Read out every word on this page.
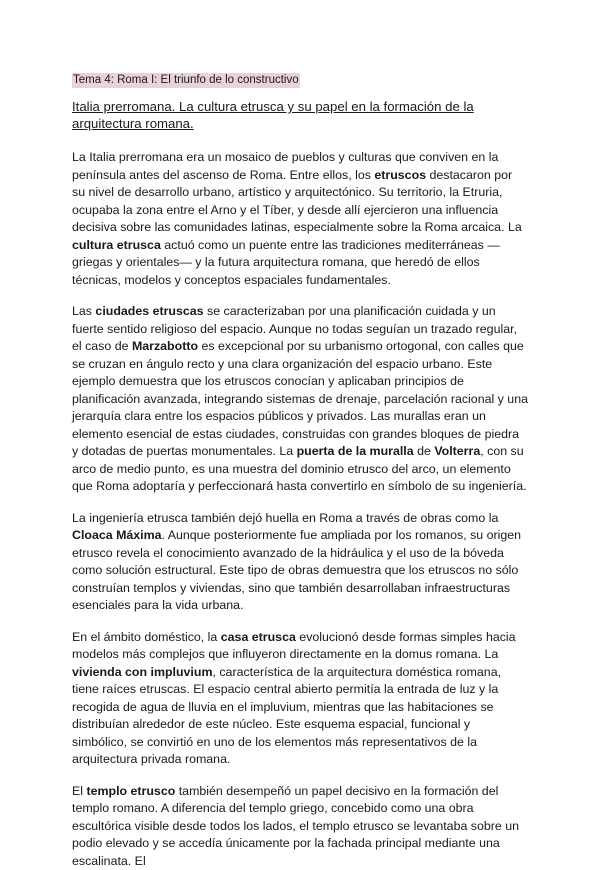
Tema 4: Roma I: El triunfo de lo constructivo
Italia prerromana. La cultura etrusca y su papel en la formación de la arquitectura romana.

La Italia prerromana era un mosaico de pueblos y culturas que conviven en la península antes del ascenso de Roma. Entre ellos, los etruscos destacaron por su nivel de desarrollo urbano, artístico y arquitectónico. Su territorio, la Etruria, ocupaba la zona entre el Arno y el Tíber, y desde allí ejercieron una influencia decisiva sobre las comunidades latinas, especialmente sobre la Roma arcaica. La cultura etrusca actuó como un puente entre las tradiciones mediterráneas —griegas y orientales— y la futura arquitectura romana, que heredó de ellos técnicas, modelos y conceptos espaciales fundamentales.

Las ciudades etruscas se caracterizaban por una planificación cuidada y un fuerte sentido religioso del espacio. Aunque no todas seguían un trazado regular, el caso de Marzabotto es excepcional por su urbanismo ortogonal, con calles que se cruzan en ángulo recto y una clara organización del espacio urbano. Este ejemplo demuestra que los etruscos conocían y aplicaban principios de planificación avanzada, integrando sistemas de drenaje, parcelación racional y una jerarquía clara entre los espacios públicos y privados. Las murallas eran un elemento esencial de estas ciudades, construidas con grandes bloques de piedra y dotadas de puertas monumentales. La puerta de la muralla de Volterra, con su arco de medio punto, es una muestra del dominio etrusco del arco, un elemento que Roma adoptaría y perfeccionará hasta convertirlo en símbolo de su ingeniería.

La ingeniería etrusca también dejó huella en Roma a través de obras como la Cloaca Máxima. Aunque posteriormente fue ampliada por los romanos, su origen etrusco revela el conocimiento avanzado de la hidráulica y el uso de la bóveda como solución estructural. Este tipo de obras demuestra que los etruscos no sólo construían templos y viviendas, sino que también desarrollaban infraestructuras esenciales para la vida urbana.

En el ámbito doméstico, la casa etrusca evolucionó desde formas simples hacia modelos más complejos que influyeron directamente en la domus romana. La vivienda con impluvium, característica de la arquitectura doméstica romana, tiene raíces etruscas. El espacio central abierto permitía la entrada de luz y la recogida de agua de lluvia en el impluvium, mientras que las habitaciones se distribuían alrededor de este núcleo. Este esquema espacial, funcional y simbólico, se convirtió en uno de los elementos más representativos de la arquitectura privada romana.

El templo etrusco también desempeñó un papel decisivo en la formación del templo romano. A diferencia del templo griego, concebido como una obra escultórica visible desde todos los lados, el templo etrusco se levantaba sobre un podio elevado y se accedía únicamente por la fachada principal mediante una escalinata. El
